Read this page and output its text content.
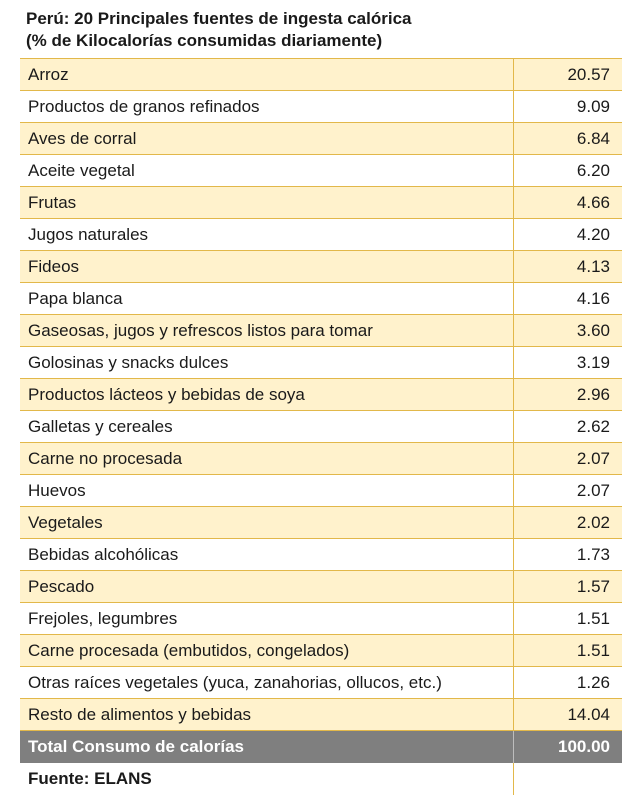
Perú: 20 Principales fuentes de ingesta calórica
(% de Kilocalorías consumidas diariamente)
Arroz	20.57
Productos de granos refinados	9.09
Aves de corral	6.84
Aceite vegetal	6.20
Frutas	4.66
Jugos naturales	4.20
Fideos	4.13
Papa blanca	4.16
Gaseosas, jugos y refrescos listos para tomar	3.60
Golosinas y snacks dulces	3.19
Productos lácteos y bebidas de soya	2.96
Galletas y cereales	2.62
Carne no procesada	2.07
Huevos	2.07
Vegetales	2.02
Bebidas alcohólicas	1.73
Pescado	1.57
Frejoles, legumbres	1.51
Carne procesada (embutidos, congelados)	1.51
Otras raíces vegetales (yuca, zanahorias, ollucos, etc.)	1.26
Resto de alimentos y bebidas	14.04
Total Consumo de calorías	100.00
Fuente: ELANS
